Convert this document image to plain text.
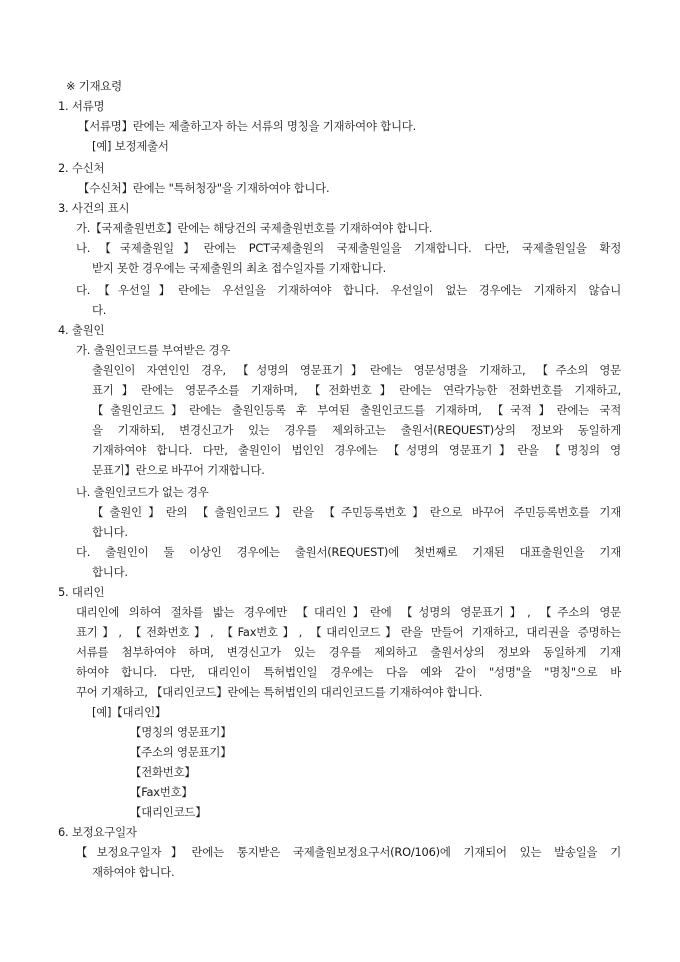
※ 기재요령
1. 서류명
【서류명】란에는 제출하고자 하는 서류의 명칭을 기재하여야 합니다.
[예] 보정제출서
2. 수신처
【수신처】란에는 "특허청장"을 기재하여야 합니다.
3. 사건의 표시
가.【국제출원번호】란에는 해당건의 국제출원번호를 기재하여야 합니다.
나.【국제출원일】란에는 PCT국제출원의 국제출원일을 기재합니다. 다만, 국제출원일을 확정
받지 못한 경우에는 국제출원의 최초 접수일자를 기재합니다.
다.【우선일】란에는 우선일을 기재하여야 합니다. 우선일이 없는 경우에는 기재하지 않습니
다.
4. 출원인
가. 출원인코드를 부여받은 경우
출원인이 자연인인 경우, 【성명의 영문표기】란에는 영문성명을 기재하고, 【주소의 영문
표기】란에는 영문주소를 기재하며, 【전화번호】란에는 연락가능한 전화번호를 기재하고,
【출원인코드】란에는 출원인등록 후 부여된 출원인코드를 기재하며, 【국적】란에는 국적
을 기재하되, 변경신고가 있는 경우를 제외하고는 출원서(REQUEST)상의 정보와 동일하게
기재하여야 합니다. 다만, 출원인이 법인인 경우에는 【성명의 영문표기】란을 【명칭의 영
문표기】란으로 바꾸어 기재합니다.
나. 출원인코드가 없는 경우
【출원인】란의 【출원인코드】란을 【주민등록번호】란으로 바꾸어 주민등록번호를 기재
합니다.
다. 출원인이 둘 이상인 경우에는 출원서(REQUEST)에 첫번째로 기재된 대표출원인을 기재
합니다.
5. 대리인
대리인에 의하여 절차를 밟는 경우에만 【대리인】란에 【성명의 영문표기】, 【주소의 영문
표기】, 【전화번호】, 【Fax번호】, 【대리인코드】란을 만들어 기재하고, 대리권을 증명하는
서류를 첨부하여야 하며, 변경신고가 있는 경우를 제외하고 출원서상의 정보와 동일하게 기재
하여야 합니다. 다만, 대리인이 특허법인일 경우에는 다음 예와 같이 "성명"을 "명칭"으로 바
꾸어 기재하고, 【대리인코드】란에는 특허법인의 대리인코드를 기재하여야 합니다.
[예]【대리인】
【명칭의 영문표기】
【주소의 영문표기】
【전화번호】
【Fax번호】
【대리인코드】
6. 보정요구일자
【보정요구일자】란에는 통지받은 국제출원보정요구서(RO/106)에 기재되어 있는 발송일을 기
재하여야 합니다.
